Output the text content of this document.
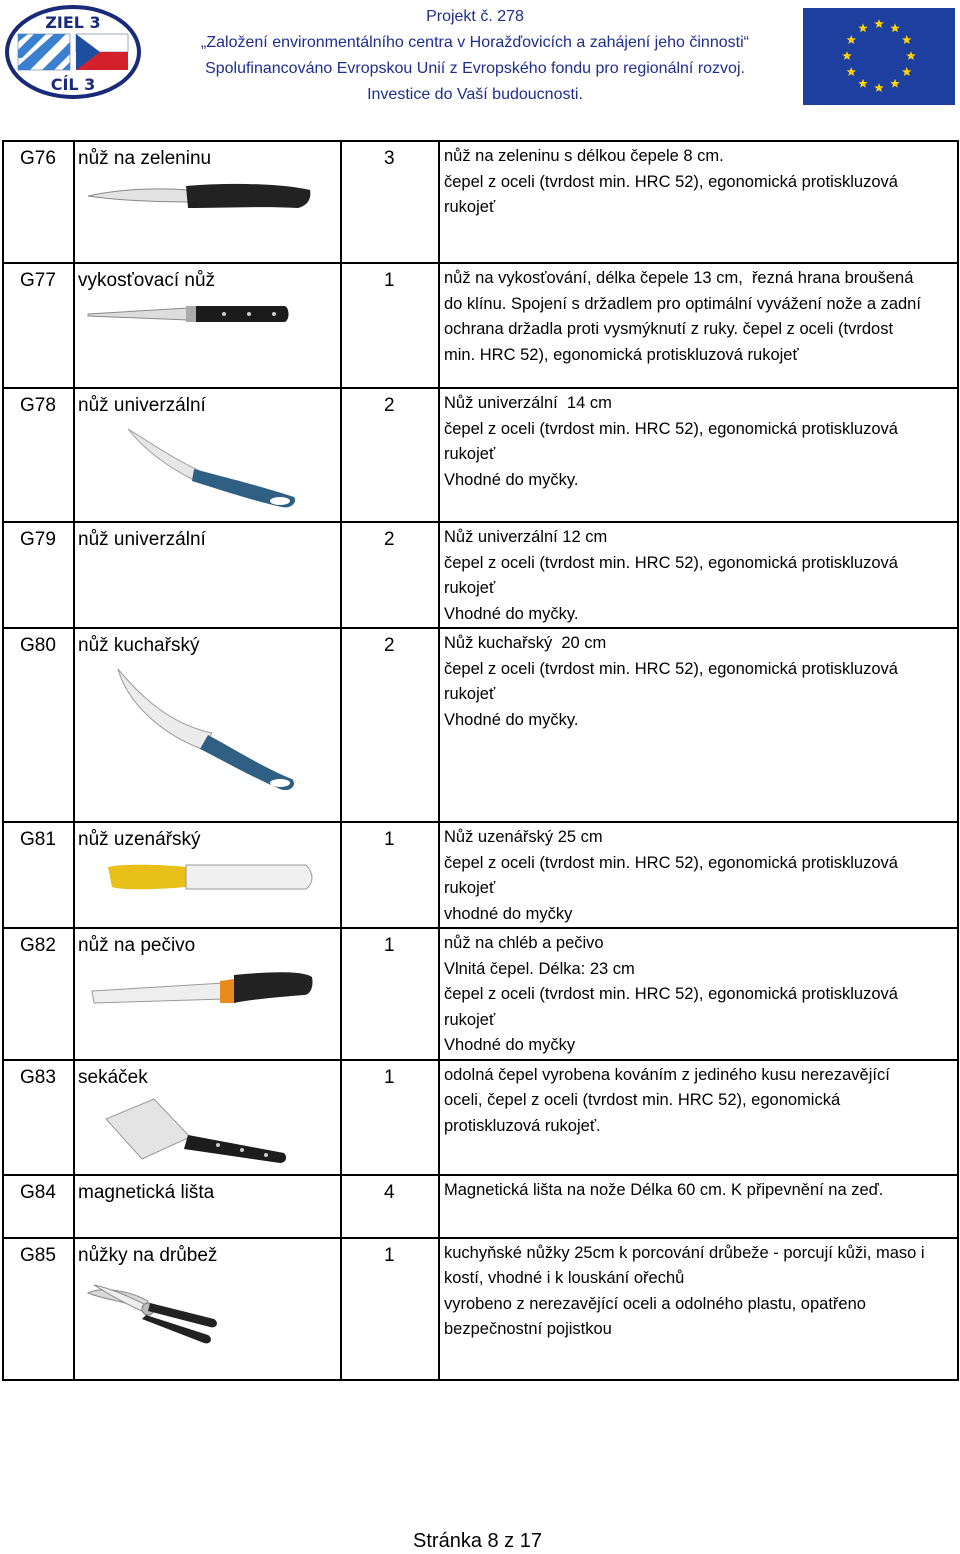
ZIEL 3
CÍL 3
Projekt č. 278
„Založení environmentálního centra v Horažďovicích a zahájení jeho činnosti“
Spolufinancováno Evropskou Unií z Evropského fondu pro regionální rozvoj.
Investice do Vaší budoucnosti.
G76	nůž na zeleninu	3	nůž na zeleninu s délkou čepele 8 cm.
čepel z oceli (tvrdost min. HRC 52), egonomická protiskluzová
rukojeť

G77	vykosťovací nůž	1	nůž na vykosťování, délka čepele 13 cm,  řezná hrana broušená
do klínu. Spojení s držadlem pro optimální vyvážení nože a zadní
ochrana držadla proti vysmýknutí z ruky. čepel z oceli (tvrdost
min. HRC 52), egonomická protiskluzová rukojeť

G78	nůž univerzální	2	Nůž univerzální  14 cm
čepel z oceli (tvrdost min. HRC 52), egonomická protiskluzová
rukojeť
Vhodné do myčky.

G79	nůž univerzální	2	Nůž univerzální 12 cm
čepel z oceli (tvrdost min. HRC 52), egonomická protiskluzová
rukojeť
Vhodné do myčky.

G80	nůž kuchařský	2	Nůž kuchařský  20 cm
čepel z oceli (tvrdost min. HRC 52), egonomická protiskluzová
rukojeť
Vhodné do myčky.

G81	nůž uzenářský	1	Nůž uzenářský 25 cm
čepel z oceli (tvrdost min. HRC 52), egonomická protiskluzová
rukojeť
vhodné do myčky

G82	nůž na pečivo	1	nůž na chléb a pečivo
Vlnitá čepel. Délka: 23 cm
čepel z oceli (tvrdost min. HRC 52), egonomická protiskluzová
rukojeť
Vhodné do myčky

G83	sekáček	1	odolná čepel vyrobena kováním z jediného kusu nerezavějící
oceli, čepel z oceli (tvrdost min. HRC 52), egonomická
protiskluzová rukojeť.

G84	magnetická lišta	4	Magnetická lišta na nože Délka 60 cm. K připevnění na zeď.

G85	nůžky na drůbež	1	kuchyňské nůžky 25cm k porcování drůbeže - porcují kůži, maso i
kostí, vhodné i k louskání ořechů
vyrobeno z nerezavějící oceli a odolného plastu, opatřeno
bezpečnostní pojistkou
Stránka 8 z 17
